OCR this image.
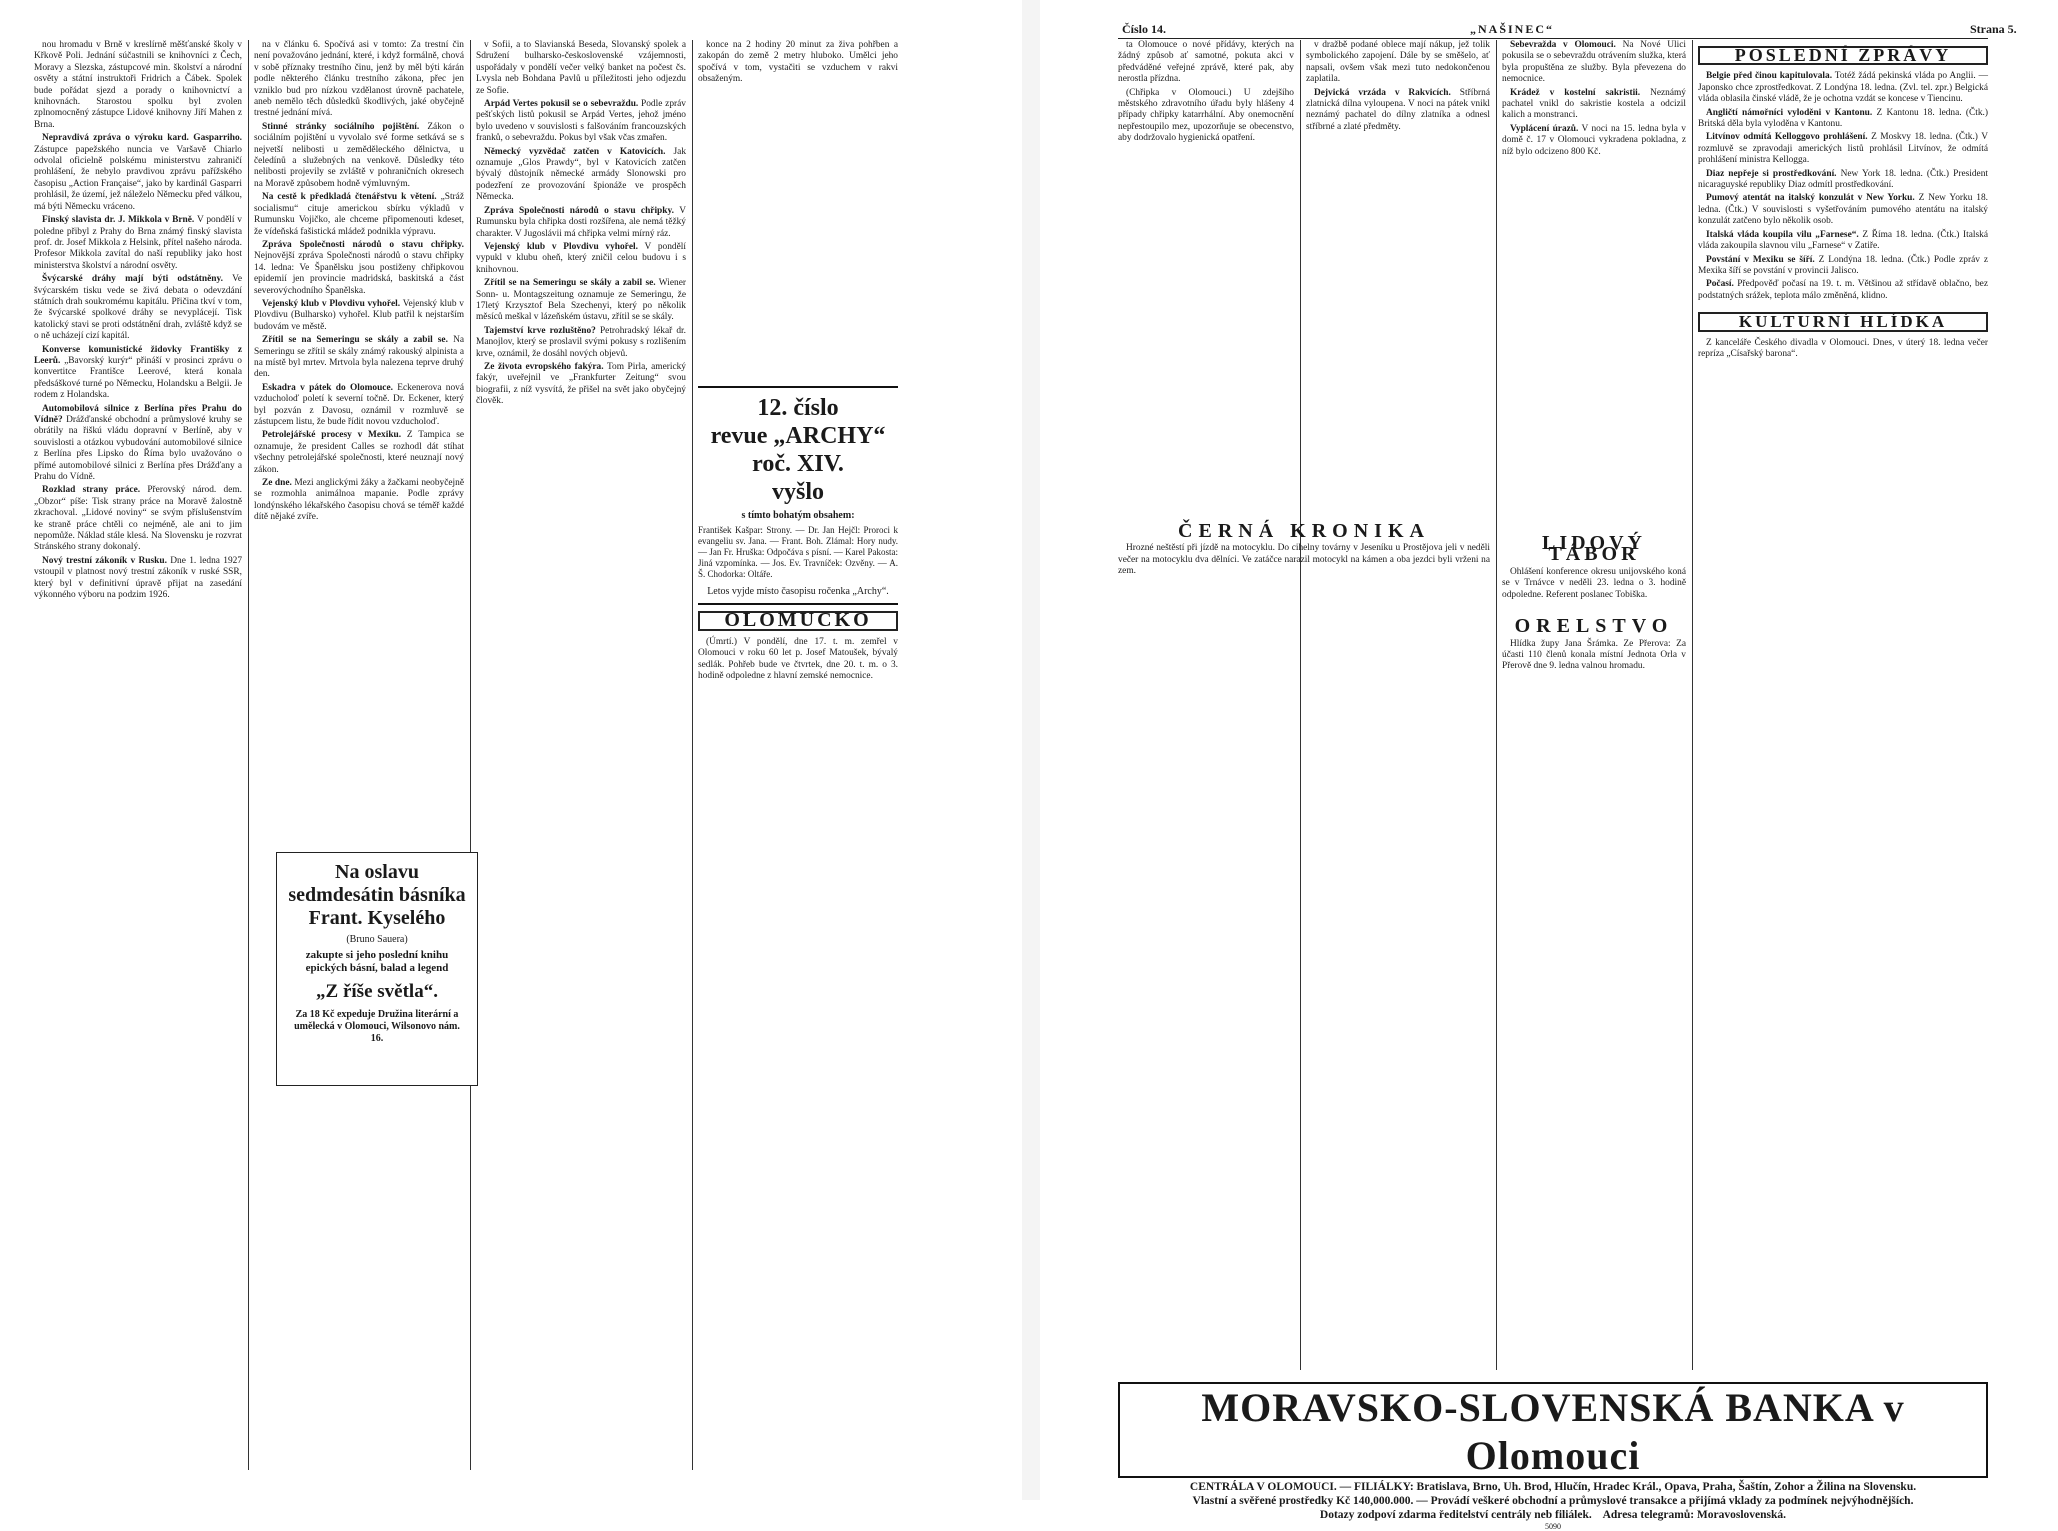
nou hromadu v Brně v kreslírně měšťanské školy v Křkově Poli. Jednání súčastnili se knihovníci z Čech, Moravy a Slezska, zástupcové min. školství a národní osvěty a státní instruktoři Fridrich a Čábek. Spolek bude pořádat sjezd a porady o knihovnictví a knihovnách. Starostou spolku byl zvolen zplnomocněný zástupce Lidové knihovny Jiří Mahen z Brna.

Nepravdivá zpráva o výroku kard. Gasparriho. Zástupce papežského nuncia ve Varšavě Chiarlo odvolal oficielně polskému ministerstvu zahraničí prohlášení, že nebylo pravdivou zprávu pařížského časopisu „Action Française“, jako by kardinál Gasparri prohlásil, že území, jež náleželo Německu před válkou, má býti Německu vráceno.

Finský slavista dr. J. Mikkola v Brně. V pondělí v poledne přibyl z Prahy do Brna známý finský slavista prof. dr. Josef Mikkola z Helsink, přítel našeho národa. Profesor Mikkola zavítal do naší republiky jako host ministerstva školství a národní osvěty.

Švýcarské dráhy mají býti odstátněny. Ve švýcarském tisku vede se živá debata o odevzdání státních drah soukromému kapitálu. Přičina tkví v tom, že švýcarské spolkové dráhy se nevyplácejí. Tisk katolický stavi se proti odstátnění drah, zvláště když se o ně ucházejí cizí kapitál.

Konverse komunistické židovky Františky z Leerů. „Bavorský kurýr“ přináší v prosinci zprávu o konvertitce Františce Leerové, která konala předsáškové turné po Německu, Holandsku a Belgii. Je rodem z Holandska.

Automobilová silnice z Berlína přes Prahu do Vídně? Drážďanské obchodní a průmyslové kruhy se obrátily na řiškú vládu dopravní v Berlíně, aby v souvislosti a otázkou vybudování automobilové silnice z Berlína přes Lipsko do Říma bylo uvažováno o přímé automobilové silnici z Berlína přes Drážďany a Prahu do Vídně.

Rozklad strany práce. Přerovský národ. dem. „Obzor“ píše: Tisk strany práce na Moravě žalostně zkrachoval. „Lidové noviny“ se svým příslušenstvím ke straně práce chtěli co nejméně, ale ani to jim nepomůže. Náklad stále klesá. Na Slovensku je rozvrat Stránského strany dokonalý.

Nový trestní zákoník v Rusku. Dne 1. ledna 1927 vstoupil v platnost nový trestní zákoník v ruské SSR, který byl v definitivní úpravě přijat na zasedání výkonného výboru na podzim 1926.

na v článku 6. Spočívá asi v tomto: Za trestní čin není považováno jednání, které, i když formálně, chová v sobě příznaky trestního činu, jenž by měl býti kárán podle některého článku trestního zákona, přec jen vzniklo bud pro nízkou vzdělanost úrovně pachatele, aneb nemělo těch důsledků škodlivých, jaké obyčejně trestné jednání mívá.

Stinné stránky sociálního pojištění. Zákon o sociálním pojištění u vyvolalo své forme setkává se s nejvetší nelibosti u zeměděleckého dělnictva, u čeledínů a služebných na venkově. Důsledky této nelibosti projevily se zvláště v pohraničních okresech na Moravě způsobem hodně výmluvným.

Na cestě k předkladá čtenářstvu k větení. „Stráž socialismu“ cituje americkou sbírku výkladů v Rumunsku Vojičko, ale chceme připomenouti kdeset, že vídeňská fašistická mládež podnikla výpravu.

Zpráva Společnosti národů o stavu chřipky. Nejnovější zpráva Společnosti národů o stavu chřipky 14. ledna: Ve Španělsku jsou postiženy chřipkovou epidemií jen provincie madridská, baskitská a část severovýchodního Španělska.

Vejenský klub v Plovdivu vyhořel. Vejenský klub v Plovdivu (Bulharsko) vyhořel. Klub patřil k nejstarším budovám ve městě.

Zřítil se na Semeringu se skály a zabil se. Na Semeringu se zřítil se skály známý rakouský alpinista a na místě byl mrtev. Mrtvola byla nalezena teprve druhý den.

Eskadra v pátek do Olomouce. Eckenerova nová vzducholoď poletí k severní točně. Dr. Eckener, který byl pozván z Davosu, oznámil v rozmluvě se zástupcem listu, že bude řídit novou vzducholoď.

Petrolejářské procesy v Mexiku. Z Tampica se oznamuje, že president Calles se rozhodl dát stíhat všechny petrolejářské společnosti, které neuznají nový zákon.

Ze dne. Mezi anglickými žáky a žačkami neobyčejně se rozmohla animálnoa mapanie. Podle zprávy londýnského lékařského časopisu chová se téměř každé dítě nějaké zvíře.

v Sofii, a to Slavianská Beseda, Slovanský spolek a Sdružení bulharsko-československé vzájemnosti, uspořádaly v pondělí večer velký banket na počest čs. Lvysla neb Bohdana Pavlů u příležitosti jeho odjezdu ze Sofie.

Arpád Vertes pokusil se o sebevraždu. Podle zpráv pešťských listů pokusil se Arpád Vertes, jehož jméno bylo uvedeno v souvislosti s falšováním francouzských franků, o sebevraždu. Pokus byl však včas zmařen.

Německý vyzvědač zatčen v Katovicích. Jak oznamuje „Glos Prawdy“, byl v Katovicích zatčen bývalý důstojník německé armády Slonowski pro podezření ze provozování špionáže ve prospěch Německa.

Zpráva Společnosti národů o stavu chřipky. V Rumunsku byla chřipka dosti rozšířena, ale nemá těžký charakter. V Jugoslávii má chřipka velmi mírný ráz.

Vejenský klub v Plovdivu vyhořel. V pondělí vypukl v klubu oheň, který zničil celou budovu i s knihovnou.

Zřítil se na Semeringu se skály a zabil se. Wiener Sonn- u. Montagszeitung oznamuje ze Semeringu, že 17letý Krzysztof Bela Szechenyi, který po několik měsíců meškal v lázeňském ústavu, zřítil se se skály.

Tajemství krve rozluštěno? Petrohradský lékař dr. Manojlov, který se proslavil svými pokusy s rozlišením krve, oznámil, že dosáhl nových objevů.

Ze života evropského fakýra. Tom Pirla, americký fakýr, uveřejnil ve „Frankfurter Zeitung“ svou biografii, z níž vysvítá, že přišel na svět jako obyčejný člověk.

Na oslavu sedmdesátin básníka Frant. Kyselého
(Bruno Sauera)
zakupte si jeho poslední knihu epických básní, balad a legend
„Z říše světla“.
Za 18 Kč expeduje Družina literární a umělecká v Olomouci, Wilsonovo nám. 16.

konce na 2 hodiny 20 minut za živa pohřben a zakopán do země 2 metry hluboko. Umělci jeho spočívá v tom, vystačiti se vzduchem v rakvi obsaženým.

12. číslo
revue „ARCHY“ roč. XIV.
vyšlo
s tímto bohatým obsahem:
František Kašpar: Strony. — Dr. Jan Hejčl: Proroci k evangeliu sv. Jana. — Frant. Boh. Zlámal: Hory nudy. — Jan Fr. Hruška: Odpočáva s písní. — Karel Pakosta: Jiná vzpomínka. — Jos. Ev. Travníček: Ozvěny. — A. Š. Chodorka: Oltáře.
Letos vyjde místo časopisu ročenka „Archy“.
OLOMUCKO

(Úmrtí.) V pondělí, dne 17. t. m. zemřel v Olomouci v roku 60 let p. Josef Matoušek, bývalý sedlák. Pohřeb bude ve čtvrtek, dne 20. t. m. o 3. hodině odpoledne z hlavní zemské nemocnice.

Číslo 14.	„NAŠINEC“	Strana 5.

ta Olomouce o nové přídávy, kterých na žádný způsob ať samotné, pokuta akci v předváděné veřejné zprávě, které pak, aby nerostla přízdna.

(Chřipka v Olomouci.) U zdejšího městského zdravotního úřadu byly hlášeny 4 případy chřipky katarrhální. Aby onemocnění nepřestoupilo mez, upozorňuje se obecenstvo, aby dodržovalo hygienická opatření.

v dražbě podané oblece mají nákup, jež tolik symbolického zapojení. Dále by se směšelo, ať napsali, ovšem však mezi tuto nedokončenou zaplatila.

Dejvická vrzáda v Rakvicích. Stříbrná zlatnická dílna vyloupena. V noci na pátek vnikl neznámý pachatel do dílny zlatníka a odnesl stříbrné a zlaté předměty.

ČERNÁ KRONIKA

Hrozné neštěstí při jízdě na motocyklu. Do cihelny továrny v Jeseníku u Prostějova jeli v neděli večer na motocyklu dva dělníci. Ve zatáčce narazil motocykl na kámen a oba jezdci byli vrženi na zem.

Sebevražda v Olomouci. Na Nové Ulici pokusila se o sebevraždu otrávením služka, která byla propuštěna ze služby. Byla převezena do nemocnice.

Krádež v kostelní sakristii. Neznámý pachatel vnikl do sakristie kostela a odcizil kalich a monstranci.

Vyplácení úrazů. V noci na 15. ledna byla v domě č. 17 v Olomouci vykradena pokladna, z níž bylo odcizeno 800 Kč.

LIDOVÝ TÁBOR

Ohlášení konference okresu unijovského koná se v Trnávce v neděli 23. ledna o 3. hodině odpoledne. Referent poslanec Tobiška.

ORELSTVO

Hlídka župy Jana Šrámka. Ze Přerova: Za účasti 110 členů konala místní Jednota Orla v Přerově dne 9. ledna valnou hromadu.

POSLEDNÍ ZPRÁVY

Belgie před činou kapitulovala. Totéž žádá pekinská vláda po Anglii. — Japonsko chce zprostředkovat. Z Londýna 18. ledna. (Zvl. tel. zpr.) Belgická vláda oblasila činské vládě, že je ochotna vzdát se koncese v Tiencinu.

Angličtí námořníci vyloděni v Kantonu. Z Kantonu 18. ledna. (Čtk.) Britská děla byla vyloděna v Kantonu.

Litvínov odmítá Kelloggovo prohlášení. Z Moskvy 18. ledna. (Čtk.) V rozmluvě se zpravodaji amerických listů prohlásil Litvínov, že odmítá prohlášení ministra Kellogga.

Diaz nepřeje si prostředkování. New York 18. ledna. (Čtk.) President nicaraguyské republiky Diaz odmítl prostředkování.

Pumový atentát na italský konzulát v New Yorku. Z New Yorku 18. ledna. (Čtk.) V souvislosti s vyšetřováním pumového atentátu na italský konzulát zatčeno bylo několik osob.

Italská vláda koupila vilu „Farnese“. Z Říma 18. ledna. (Čtk.) Italská vláda zakoupila slavnou vilu „Farnese“ v Zatiře.

Povstání v Mexiku se šíří. Z Londýna 18. ledna. (Čtk.) Podle zpráv z Mexika šíří se povstání v provincii Jalisco.

Počasí. Předpověď počasí na 19. t. m. Většinou až střídavě oblačno, bez podstatných srážek, teplota málo změněná, klidno.

KULTURNÍ HLÍDKA

Z kanceláře Českého divadla v Olomouci. Dnes, v úterý 18. ledna večer repríza „Císařský barona“.

MORAVSKO-SLOVENSKÁ BANKA v Olomouci
CENTRÁLA V OLOMOUCI. — FILIÁLKY: Bratislava, Brno, Uh. Brod, Hlučín, Hradec Král., Opava, Praha, Šaštín, Zohor a Žilina na Slovensku.
Vlastní a svěřené prostředky Kč 140,000.000. — Provádí veškeré obchodní a průmyslové transakce a přijímá vklady za podmínek nejvýhodnějších.
Dotazy zodpoví zdarma ředitelství centrály neb filiálek. Adresa telegramů: Moravoslovenská.
5090
